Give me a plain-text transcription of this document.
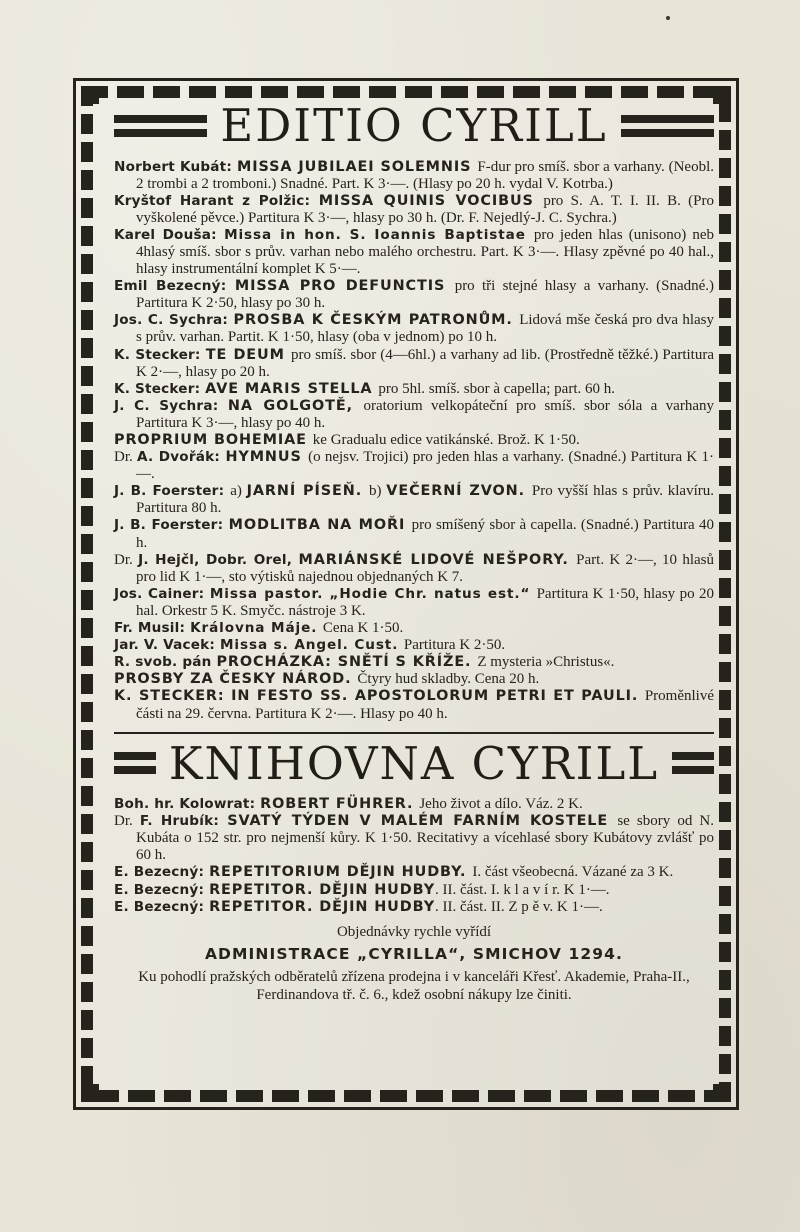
EDITIO CYRILL

Norbert Kubát: MISSA JUBILAEI SOLEMNIS F-dur pro smíš. sbor a varhany. (Neobl. 2 trombi a 2 tromboni.) Snadné. Part. K 3·—. (Hlasy po 20 h. vydal V. Kotrba.)

Kryštof Harant z Polžic: MISSA QUINIS VOCIBUS pro S. A. T. I. II. B. (Pro vyškolené pěvce.) Partitura K 3·—, hlasy po 30 h. (Dr. F. Nejedlý-J. C. Sychra.)

Karel Douša: Missa in hon. S. Ioannis Baptistae pro jeden hlas (unisono) neb 4hlasý smíš. sbor s prův. varhan nebo malého orchestru. Part. K 3·—. Hlasy zpěvné po 40 hal., hlasy instrumentální komplet K 5·—.

Emil Bezecný: MISSA PRO DEFUNCTIS pro tři stejné hlasy a varhany. (Snadné.) Partitura K 2·50, hlasy po 30 h.

Jos. C. Sychra: PROSBA K ČESKÝM PATRONŮM. Lidová mše česká pro dva hlasy s prův. varhan. Partit. K 1·50, hlasy (oba v jednom) po 10 h.

K. Stecker: TE DEUM pro smíš. sbor (4—6hl.) a varhany ad lib. (Prostředně těžké.) Partitura K 2·—, hlasy po 20 h.

K. Stecker: AVE MARIS STELLA pro 5hl. smíš. sbor à capella; part. 60 h.

J. C. Sychra: NA GOLGOTĚ, oratorium velkopáteční pro smíš. sbor sóla a varhany Partitura K 3·—, hlasy po 40 h.

PROPRIUM BOHEMIAE ke Gradualu edice vatikánské. Brož. K 1·50.

Dr. A. Dvořák: HYMNUS (o nejsv. Trojici) pro jeden hlas a varhany. (Snadné.) Partitura K 1·—.

J. B. Foerster: a) JARNÍ PÍSEŇ. b) VEČERNÍ ZVON. Pro vyšší hlas s prův. klavíru. Partitura 80 h.

J. B. Foerster: MODLITBA NA MOŘI pro smíšený sbor à capella. (Snadné.) Partitura 40 h.

Dr. J. Hejčl, Dobr. Orel, MARIÁNSKÉ LIDOVÉ NEŠPORY. Part. K 2·—, 10 hlasů pro lid K 1·—, sto výtisků najednou objednaných K 7.

Jos. Cainer: Missa pastor. „Hodie Chr. natus est.“ Partitura K 1·50, hlasy po 20 hal. Orkestr 5 K. Smyčc. nástroje 3 K.

Fr. Musil: Královna Máje. Cena K 1·50.

Jar. V. Vacek: Missa s. Angel. Cust. Partitura K 2·50.

R. svob. pán PROCHÁZKA: SNĚTÍ S KŘÍŽE. Z mysteria »Christus«.

PROSBY ZA ČESKY NÁROD. Čtyry hud skladby. Cena 20 h.

K. STECKER: IN FESTO SS. APOSTOLORUM PETRI ET PAULI. Proměnlivé části na 29. června. Partitura K 2·—. Hlasy po 40 h.

KNIHOVNA CYRILL

Boh. hr. Kolowrat: ROBERT FÜHRER. Jeho život a dílo. Váz. 2 K.

Dr. F. Hrubík: SVATÝ TÝDEN V MALÉM FARNÍM KOSTELE se sbory od N. Kubáta o 152 str. pro nejmenší kůry. K 1·50. Recitativy a vícehlasé sbory Kubátovy zvlášť po 60 h.

E. Bezecný: REPETITORIUM DĚJIN HUDBY. I. část všeobecná. Vázané za 3 K.

E. Bezecný: REPETITOR. DĚJIN HUDBY. II. část. I. k l a v í r. K 1·—.

E. Bezecný: REPETITOR. DĚJIN HUDBY. II. část. II. Z p ě v. K 1·—.

Objednávky rychle vyřídí

ADMINISTRACE „CYRILLA“, SMICHOV 1294.

Ku pohodlí pražských odběratelů zřízena prodejna i v kanceláři Křesť. Akademie, Praha-II., Ferdinandova tř. č. 6., kdež osobní nákupy lze činiti.
